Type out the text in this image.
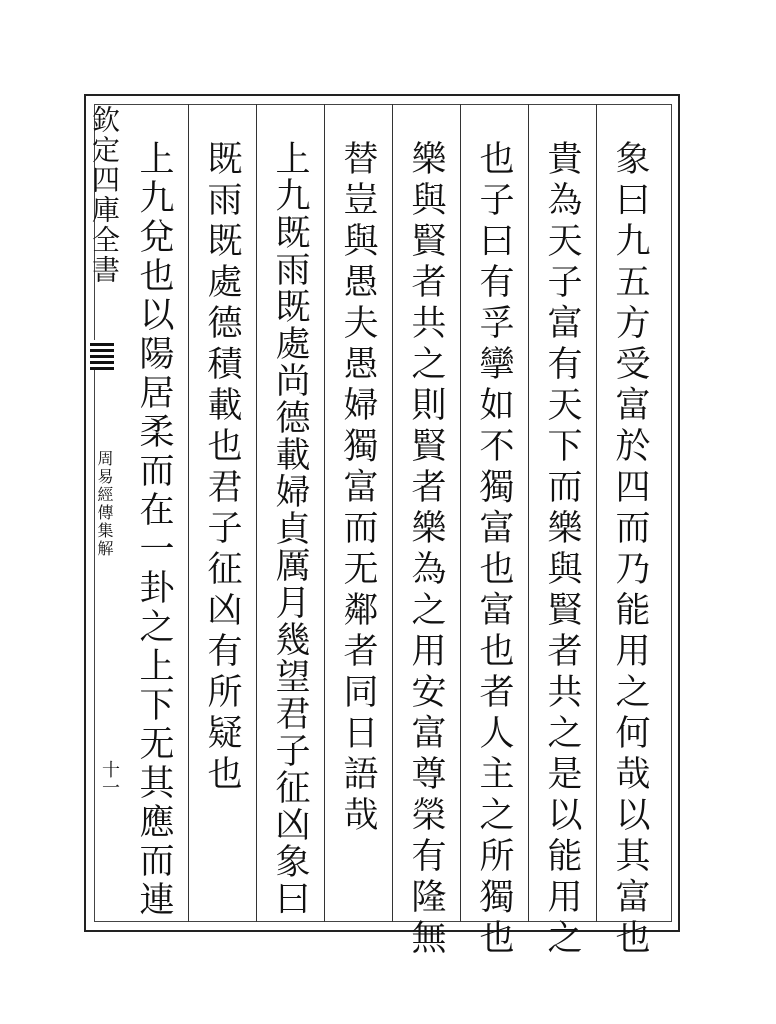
欽定四庫全書
周易經傳集解
十一	象曰九五方受富於四而乃能用之何哉以其富也
貴為天子富有天下而樂與賢者共之是以能用之
也子曰有孚攣如不獨富也富也者人主之所獨也
樂與賢者共之則賢者樂為之用安富尊榮有隆無
替豈與愚夫愚婦獨富而无鄰者同日語哉
上九既雨既處尚德載婦貞厲月幾望君子征凶象曰
既雨既處德積載也君子征凶有所疑也
上九兌也以陽居柔而在一卦之上下无其應而連
